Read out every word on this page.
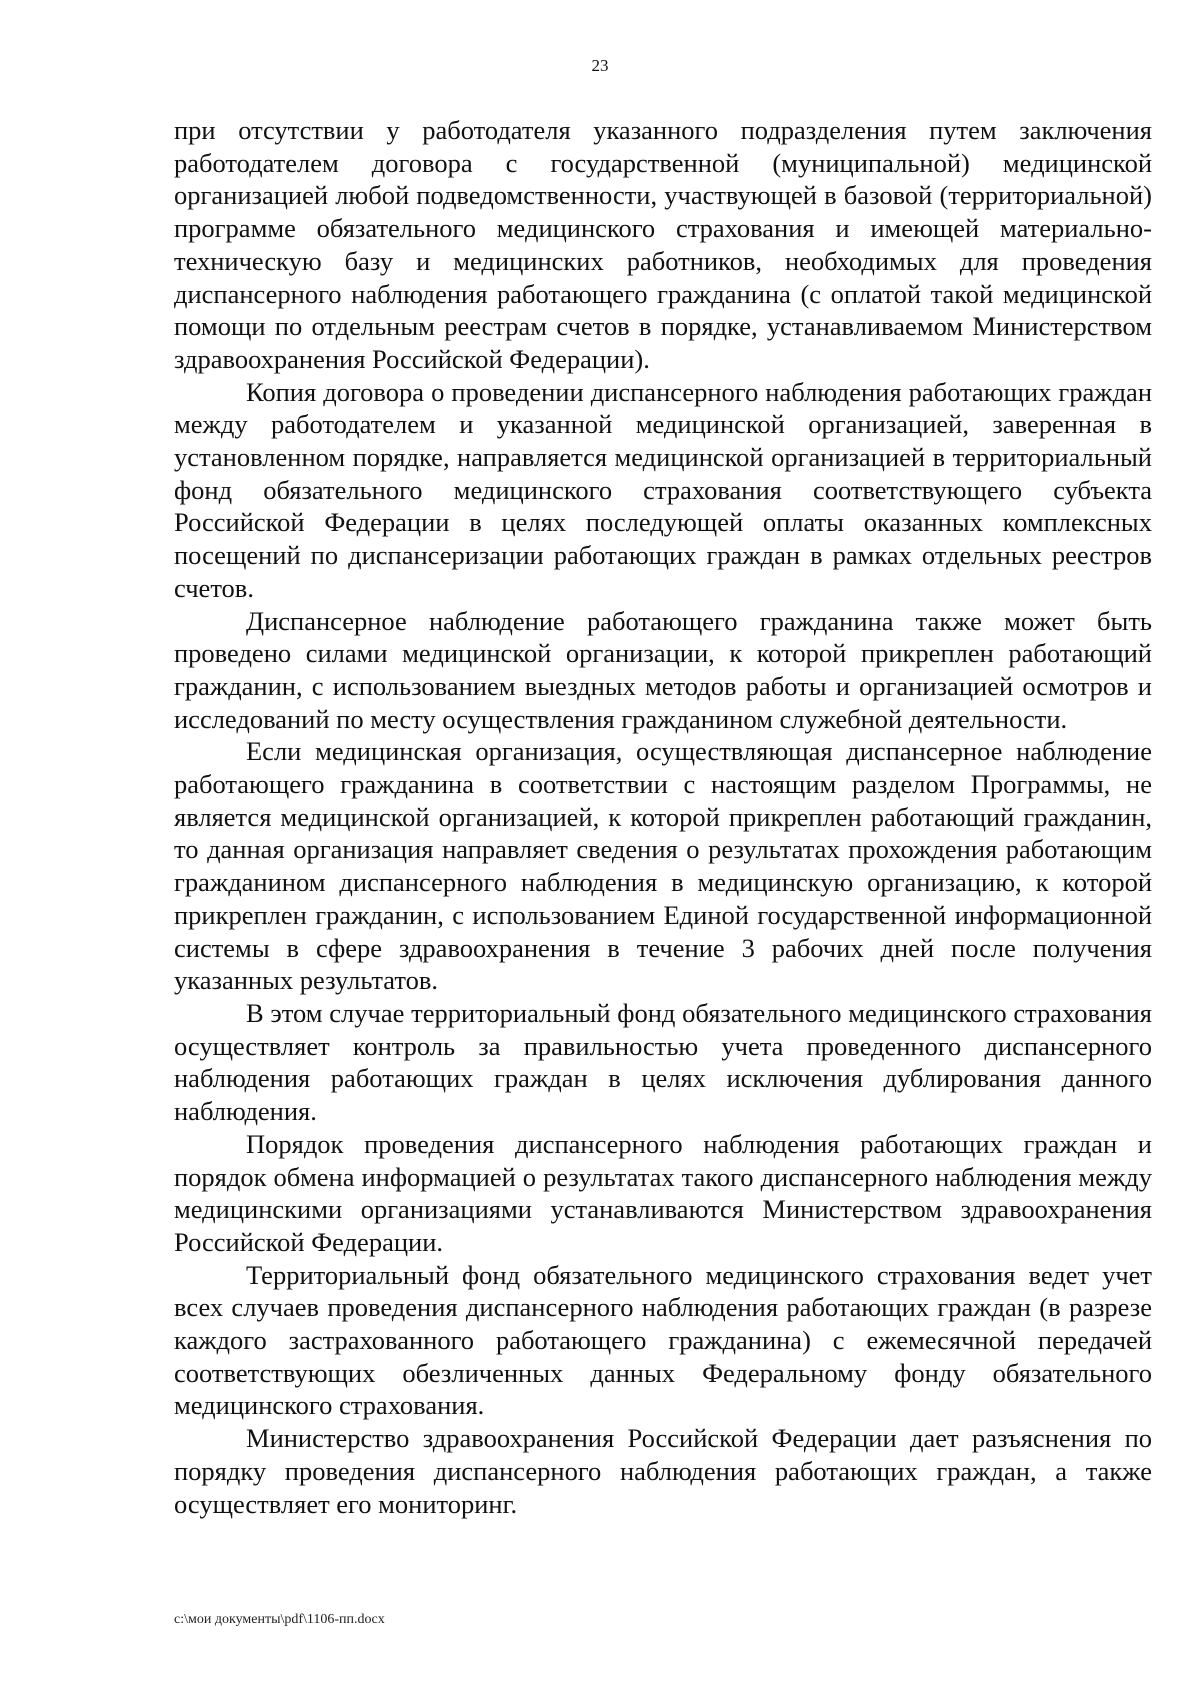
23

при отсутствии у работодателя указанного подразделения путем заключения работодателем договора с государственной (муниципальной) медицинской организацией любой подведомственности, участвующей в базовой (территориальной) программе обязательного медицинского страхования и имеющей материально-техническую базу и медицинских работников, необходимых для проведения диспансерного наблюдения работающего гражданина (с оплатой такой медицинской помощи по отдельным реестрам счетов в порядке, устанавливаемом Министерством здравоохранения Российской Федерации).

Копия договора о проведении диспансерного наблюдения работающих граждан между работодателем и указанной медицинской организацией, заверенная в установленном порядке, направляется медицинской организацией в территориальный фонд обязательного медицинского страхования соответствующего субъекта Российской Федерации в целях последующей оплаты оказанных комплексных посещений по диспансеризации работающих граждан в рамках отдельных реестров счетов.

Диспансерное наблюдение работающего гражданина также может быть проведено силами медицинской организации, к которой прикреплен работающий гражданин, с использованием выездных методов работы и организацией осмотров и исследований по месту осуществления гражданином служебной деятельности.

Если медицинская организация, осуществляющая диспансерное наблюдение работающего гражданина в соответствии с настоящим разделом Программы, не является медицинской организацией, к которой прикреплен работающий гражданин, то данная организация направляет сведения о результатах прохождения работающим гражданином диспансерного наблюдения в медицинскую организацию, к которой прикреплен гражданин, с использованием Единой государственной информационной системы в сфере здравоохранения в течение 3 рабочих дней после получения указанных результатов.

В этом случае территориальный фонд обязательного медицинского страхования осуществляет контроль за правильностью учета проведенного диспансерного наблюдения работающих граждан в целях исключения дублирования данного наблюдения.

Порядок проведения диспансерного наблюдения работающих граждан и порядок обмена информацией о результатах такого диспансерного наблюдения между медицинскими организациями устанавливаются Министерством здравоохранения Российской Федерации.

Территориальный фонд обязательного медицинского страхования ведет учет всех случаев проведения диспансерного наблюдения работающих граждан (в разрезе каждого застрахованного работающего гражданина) с ежемесячной передачей соответствующих обезличенных данных Федеральному фонду обязательного медицинского страхования.

Министерство здравоохранения Российской Федерации дает разъяснения по порядку проведения диспансерного наблюдения работающих граждан, а также осуществляет его мониторинг.

c:\мои документы\pdf\1106-пп.docx
